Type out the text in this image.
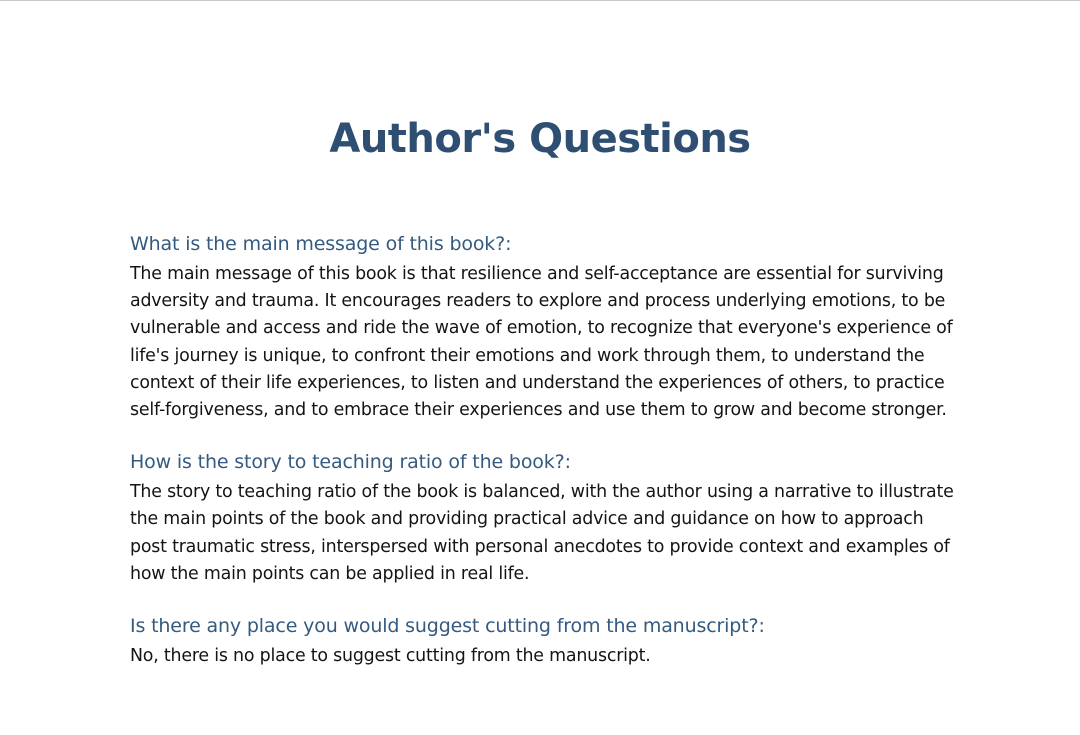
Author's Questions
What is the main message of this book?:

The main message of this book is that resilience and self-acceptance are essential for surviving adversity and trauma. It encourages readers to explore and process underlying emotions, to be vulnerable and access and ride the wave of emotion, to recognize that everyone's experience of life's journey is unique, to confront their emotions and work through them, to understand the context of their life experiences, to listen and understand the experiences of others, to practice self-forgiveness, and to embrace their experiences and use them to grow and become stronger.

How is the story to teaching ratio of the book?:

The story to teaching ratio of the book is balanced, with the author using a narrative to illustrate the main points of the book and providing practical advice and guidance on how to approach post traumatic stress, interspersed with personal anecdotes to provide context and examples of how the main points can be applied in real life.

Is there any place you would suggest cutting from the manuscript?:

No, there is no place to suggest cutting from the manuscript.
